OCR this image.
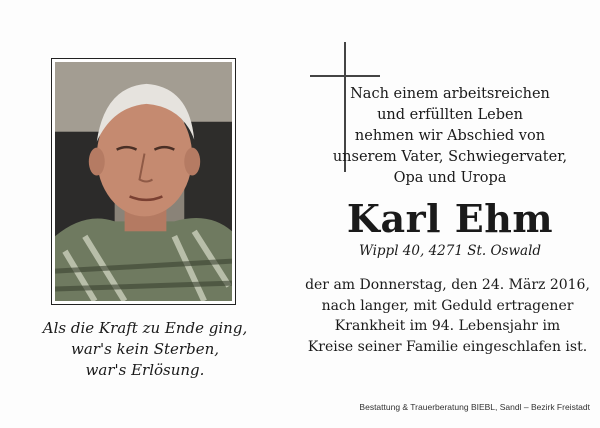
Als die Kraft zu Ende ging,
war's kein Sterben,
war's Erlösung.
Nach einem arbeitsreichen
und erfüllten Leben
nehmen wir Abschied von
unserem Vater, Schwiegervater,
Opa und Uropa
Karl Ehm
Wippl 40, 4271 St. Oswald
der am Donnerstag, den 24. März 2016,
nach langer, mit Geduld ertragener
Krankheit im 94. Lebensjahr im
Kreise seiner Familie eingeschlafen ist.
Bestattung & Trauerberatung BIEBL, Sandl – Bezirk Freistadt
